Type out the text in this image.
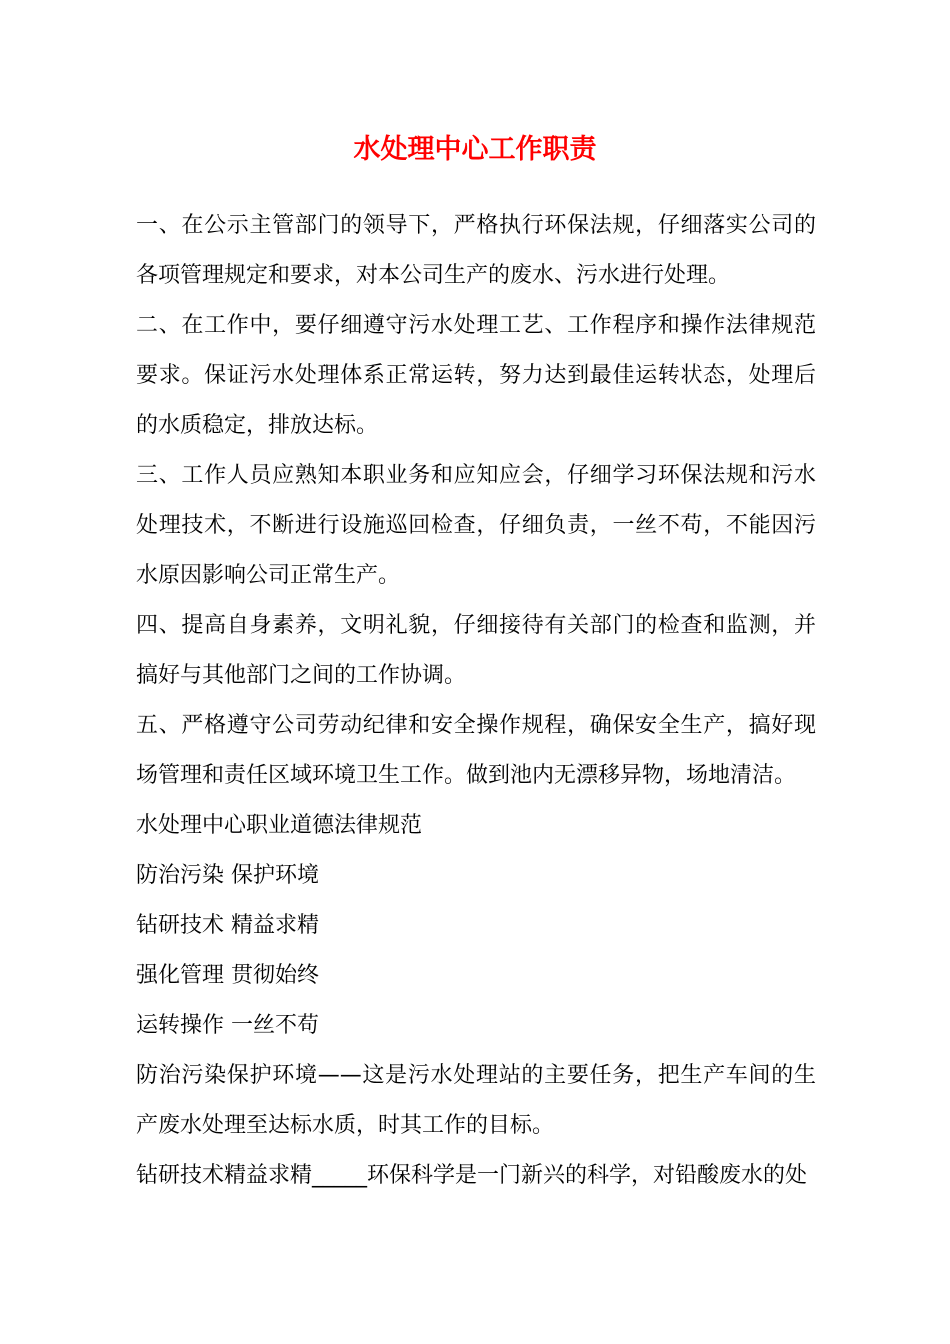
水处理中心工作职责

一、在公示主管部门的领导下，严格执行环保法规，仔细落实公司的各项管理规定和要求，对本公司生产的废水、污水进行处理。

二、在工作中，要仔细遵守污水处理工艺、工作程序和操作法律规范要求。保证污水处理体系正常运转，努力达到最佳运转状态，处理后的水质稳定，排放达标。

三、工作人员应熟知本职业务和应知应会，仔细学习环保法规和污水处理技术，不断进行设施巡回检查，仔细负责，一丝不苟，不能因污水原因影响公司正常生产。

四、提高自身素养，文明礼貌，仔细接待有关部门的检查和监测，并搞好与其他部门之间的工作协调。

五、严格遵守公司劳动纪律和安全操作规程，确保安全生产，搞好现场管理和责任区域环境卫生工作。做到池内无漂移异物，场地清洁。

水处理中心职业道德法律规范

防治污染 保护环境

钻研技术 精益求精

强化管理 贯彻始终

运转操作 一丝不苟

防治污染保护环境——这是污水处理站的主要任务，把生产车间的生产废水处理至达标水质，时其工作的目标。

钻研技术精益求精_____环保科学是一门新兴的科学，对铅酸废水的处
